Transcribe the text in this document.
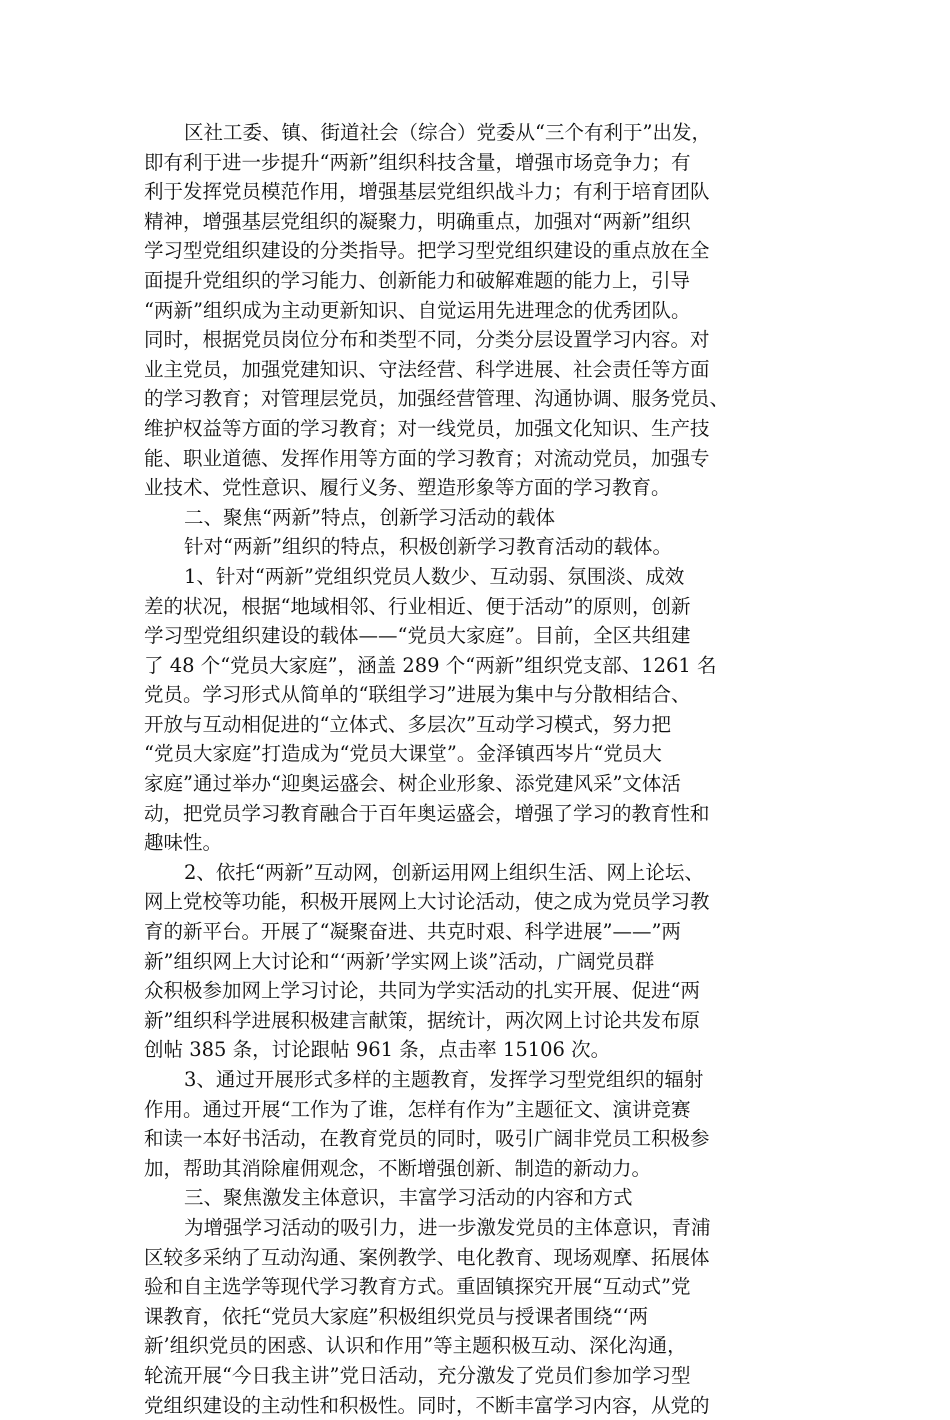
区社工委、镇、街道社会（综合）党委从“三个有利于”出发，
即有利于进一步提升“两新”组织科技含量，增强市场竞争力；有
利于发挥党员模范作用，增强基层党组织战斗力；有利于培育团队
精神，增强基层党组织的凝聚力，明确重点，加强对“两新”组织
学习型党组织建设的分类指导。把学习型党组织建设的重点放在全
面提升党组织的学习能力、创新能力和破解难题的能力上，引导
“两新”组织成为主动更新知识、自觉运用先进理念的优秀团队。
同时，根据党员岗位分布和类型不同，分类分层设置学习内容。对
业主党员，加强党建知识、守法经营、科学进展、社会责任等方面
的学习教育；对管理层党员，加强经营管理、沟通协调、服务党员、
维护权益等方面的学习教育；对一线党员，加强文化知识、生产技
能、职业道德、发挥作用等方面的学习教育；对流动党员，加强专
业技术、党性意识、履行义务、塑造形象等方面的学习教育。
二、聚焦“两新”特点，创新学习活动的载体
针对“两新”组织的特点，积极创新学习教育活动的载体。
1、针对“两新”党组织党员人数少、互动弱、氛围淡、成效
差的状况，根据“地域相邻、行业相近、便于活动”的原则，创新
学习型党组织建设的载体——“党员大家庭”。目前，全区共组建
了 48 个“党员大家庭”，涵盖 289 个“两新”组织党支部、1261 名
党员。学习形式从简单的“联组学习”进展为集中与分散相结合、
开放与互动相促进的“立体式、多层次”互动学习模式，努力把
“党员大家庭”打造成为“党员大课堂”。金泽镇西岑片“党员大
家庭”通过举办“迎奥运盛会、树企业形象、添党建风采”文体活
动，把党员学习教育融合于百年奥运盛会，增强了学习的教育性和
趣味性。
2、依托“两新”互动网，创新运用网上组织生活、网上论坛、
网上党校等功能，积极开展网上大讨论活动，使之成为党员学习教
育的新平台。开展了“凝聚奋进、共克时艰、科学进展”——”两
新”组织网上大讨论和“‘两新’学实网上谈”活动，广阔党员群
众积极参加网上学习讨论，共同为学实活动的扎实开展、促进“两
新”组织科学进展积极建言献策，据统计，两次网上讨论共发布原
创帖 385 条，讨论跟帖 961 条，点击率 15106 次。
3、通过开展形式多样的主题教育，发挥学习型党组织的辐射
作用。通过开展“工作为了谁，怎样有作为”主题征文、演讲竞赛
和读一本好书活动，在教育党员的同时，吸引广阔非党员工积极参
加，帮助其消除雇佣观念，不断增强创新、制造的新动力。
三、聚焦激发主体意识，丰富学习活动的内容和方式
为增强学习活动的吸引力，进一步激发党员的主体意识，青浦
区较多采纳了互动沟通、案例教学、电化教育、现场观摩、拓展体
验和自主选学等现代学习教育方式。重固镇探究开展“互动式”党
课教育，依托“党员大家庭”积极组织党员与授课者围绕“‘两
新’组织党员的困惑、认识和作用”等主题积极互动、深化沟通，
轮流开展“今日我主讲”党日活动，充分激发了党员们参加学习型
党组织建设的主动性和积极性。同时，不断丰富学习内容，从党的
